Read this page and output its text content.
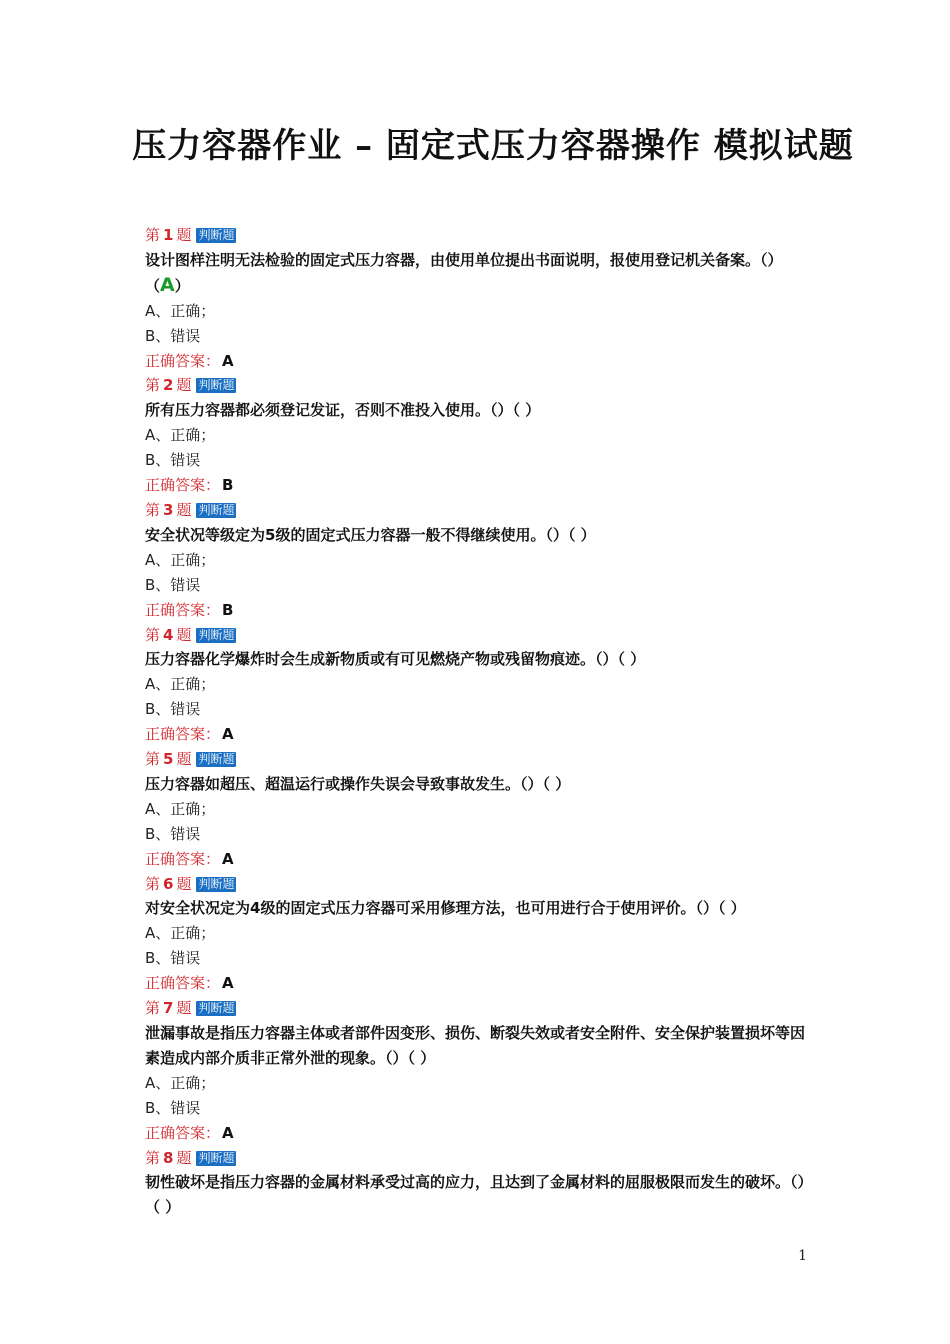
压力容器作业 – 固定式压力容器操作 模拟试题
第 1 题 判断题
设计图样注明无法检验的固定式压力容器，由使用单位提出书面说明，报使用登记机关备案。（）（A）
A、正确；
B、错误
正确答案： A
第 2 题 判断题
所有压力容器都必须登记发证，否则不准投入使用。（）（ ）
A、正确；
B、错误
正确答案： B
第 3 题 判断题
安全状况等级定为5级的固定式压力容器一般不得继续使用。（）（ ）
A、正确；
B、错误
正确答案： B
第 4 题 判断题
压力容器化学爆炸时会生成新物质或有可见燃烧产物或残留物痕迹。（）（ ）
A、正确；
B、错误
正确答案： A
第 5 题 判断题
压力容器如超压、超温运行或操作失误会导致事故发生。（）（ ）
A、正确；
B、错误
正确答案： A
第 6 题 判断题
对安全状况定为4级的固定式压力容器可采用修理方法，也可用进行合于使用评价。（）（ ）
A、正确；
B、错误
正确答案： A
第 7 题 判断题
泄漏事故是指压力容器主体或者部件因变形、损伤、断裂失效或者安全附件、安全保护装置损坏等因素造成内部介质非正常外泄的现象。（）（ ）
A、正确；
B、错误
正确答案： A
第 8 题 判断题
韧性破坏是指压力容器的金属材料承受过高的应力，且达到了金属材料的屈服极限而发生的破坏。（）（ ）
1
